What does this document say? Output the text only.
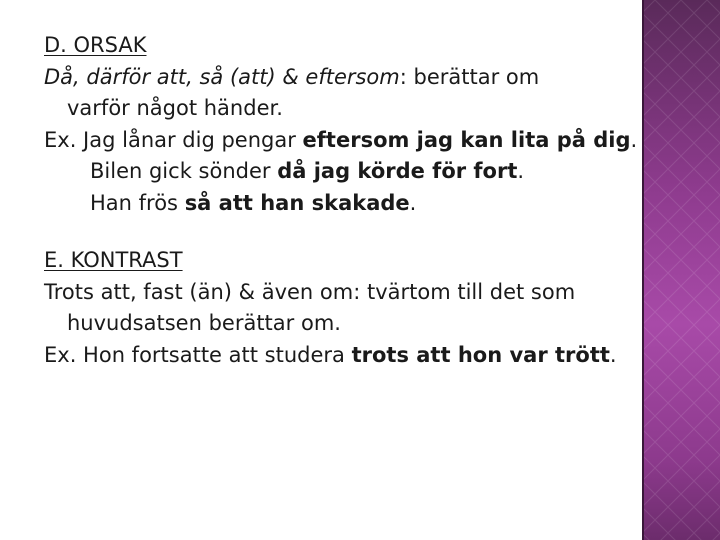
D. ORSAK

Då, därför att, så (att) & eftersom: berättar om

varför något händer.

Ex. Jag lånar dig pengar eftersom jag kan lita på dig.

Bilen gick sönder då jag körde för fort.

Han frös så att han skakade.

E. KONTRAST

Trots att, fast (än) & även om: tvärtom till det som

huvudsatsen berättar om.

Ex. Hon fortsatte att studera trots att hon var trött.
